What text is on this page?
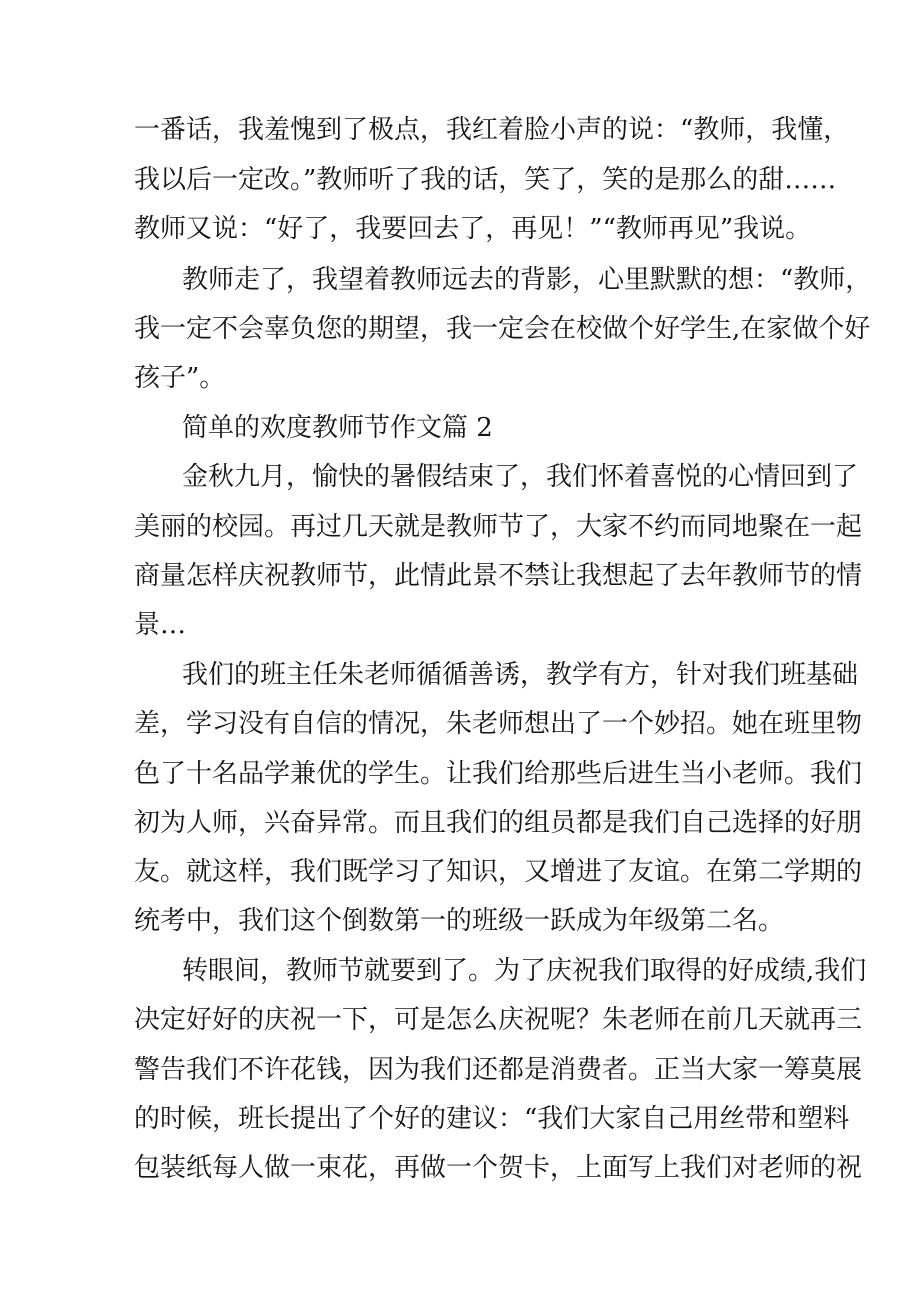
一番话，我羞愧到了极点，我红着脸小声的说：“教师，我懂，
我以后一定改。”教师听了我的话，笑了，笑的是那么的甜……
教师又说：“好了，我要回去了，再见！”“教师再见”我说。
教师走了，我望着教师远去的背影，心里默默的想：“教师，
我一定不会辜负您的期望，我一定会在校做个好学生,在家做个好
孩子”。
简单的欢度教师节作文篇 2
金秋九月，愉快的暑假结束了，我们怀着喜悦的心情回到了
美丽的校园。再过几天就是教师节了，大家不约而同地聚在一起
商量怎样庆祝教师节，此情此景不禁让我想起了去年教师节的情
景…
我们的班主任朱老师循循善诱，教学有方，针对我们班基础
差，学习没有自信的情况，朱老师想出了一个妙招。她在班里物
色了十名品学兼优的学生。让我们给那些后进生当小老师。我们
初为人师，兴奋异常。而且我们的组员都是我们自己选择的好朋
友。就这样，我们既学习了知识，又增进了友谊。在第二学期的
统考中，我们这个倒数第一的班级一跃成为年级第二名。
转眼间，教师节就要到了。为了庆祝我们取得的好成绩,我们
决定好好的庆祝一下，可是怎么庆祝呢？朱老师在前几天就再三
警告我们不许花钱，因为我们还都是消费者。正当大家一筹莫展
的时候，班长提出了个好的建议：“我们大家自己用丝带和塑料
包装纸每人做一束花，再做一个贺卡，上面写上我们对老师的祝
